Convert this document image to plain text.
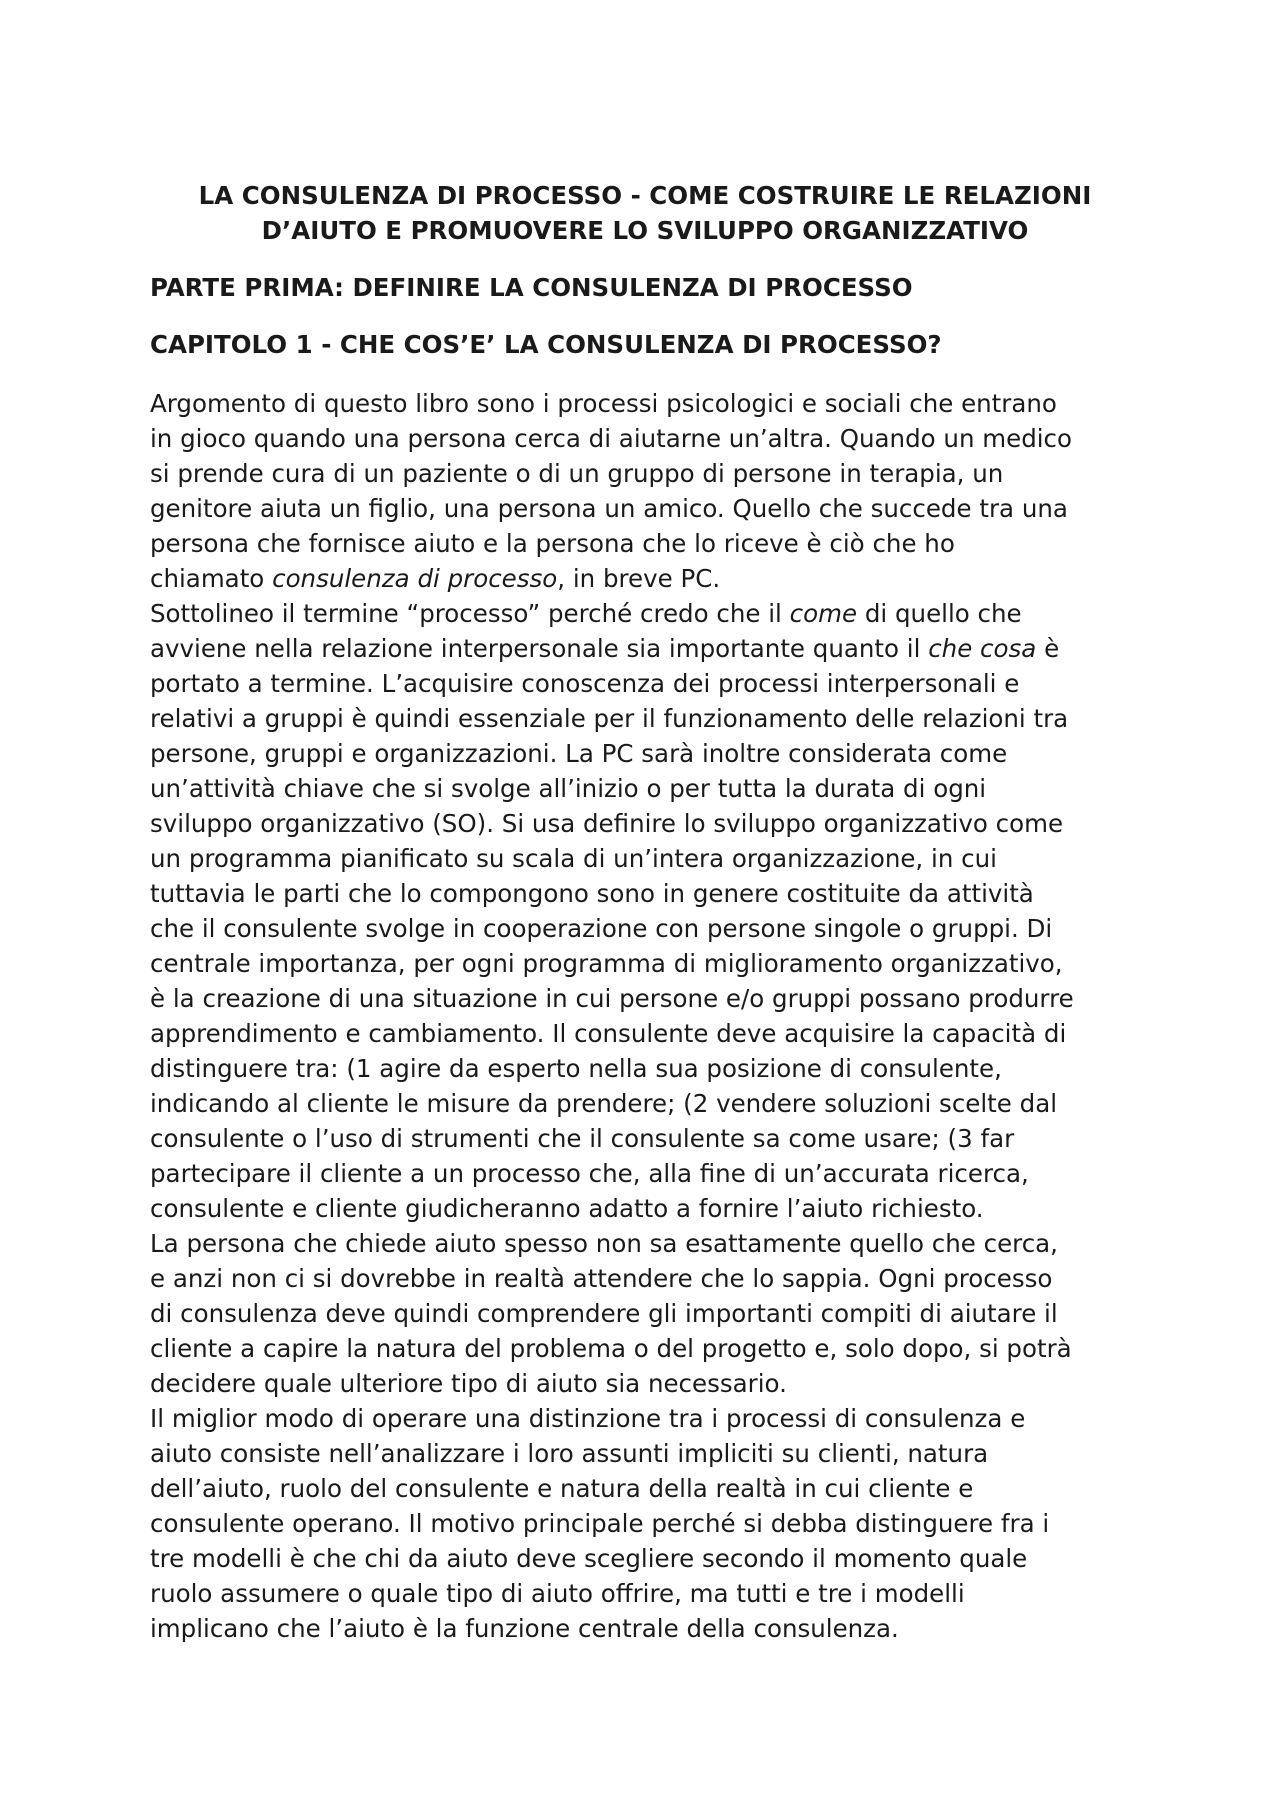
LA CONSULENZA DI PROCESSO - COME COSTRUIRE LE RELAZIONI
D’AIUTO E PROMUOVERE LO SVILUPPO ORGANIZZATIVO
PARTE PRIMA: DEFINIRE LA CONSULENZA DI PROCESSO
CAPITOLO 1 - CHE COS’E’ LA CONSULENZA DI PROCESSO?
Argomento di questo libro sono i processi psicologici e sociali che entrano
in gioco quando una persona cerca di aiutarne un’altra. Quando un medico
si prende cura di un paziente o di un gruppo di persone in terapia, un
genitore aiuta un figlio, una persona un amico. Quello che succede tra una
persona che fornisce aiuto e la persona che lo riceve è ciò che ho
chiamato consulenza di processo, in breve PC.
Sottolineo il termine “processo” perché credo che il come di quello che
avviene nella relazione interpersonale sia importante quanto il che cosa è
portato a termine. L’acquisire conoscenza dei processi interpersonali e
relativi a gruppi è quindi essenziale per il funzionamento delle relazioni tra
persone, gruppi e organizzazioni. La PC sarà inoltre considerata come
un’attività chiave che si svolge all’inizio o per tutta la durata di ogni
sviluppo organizzativo (SO). Si usa definire lo sviluppo organizzativo come
un programma pianificato su scala di un’intera organizzazione, in cui
tuttavia le parti che lo compongono sono in genere costituite da attività
che il consulente svolge in cooperazione con persone singole o gruppi. Di
centrale importanza, per ogni programma di miglioramento organizzativo,
è la creazione di una situazione in cui persone e/o gruppi possano produrre
apprendimento e cambiamento. Il consulente deve acquisire la capacità di
distinguere tra: (1 agire da esperto nella sua posizione di consulente,
indicando al cliente le misure da prendere; (2 vendere soluzioni scelte dal
consulente o l’uso di strumenti che il consulente sa come usare; (3 far
partecipare il cliente a un processo che, alla fine di un’accurata ricerca,
consulente e cliente giudicheranno adatto a fornire l’aiuto richiesto.
La persona che chiede aiuto spesso non sa esattamente quello che cerca,
e anzi non ci si dovrebbe in realtà attendere che lo sappia. Ogni processo
di consulenza deve quindi comprendere gli importanti compiti di aiutare il
cliente a capire la natura del problema o del progetto e, solo dopo, si potrà
decidere quale ulteriore tipo di aiuto sia necessario.
Il miglior modo di operare una distinzione tra i processi di consulenza e
aiuto consiste nell’analizzare i loro assunti impliciti su clienti, natura
dell’aiuto, ruolo del consulente e natura della realtà in cui cliente e
consulente operano. Il motivo principale perché si debba distinguere fra i
tre modelli è che chi da aiuto deve scegliere secondo il momento quale
ruolo assumere o quale tipo di aiuto offrire, ma tutti e tre i modelli
implicano che l’aiuto è la funzione centrale della consulenza.
